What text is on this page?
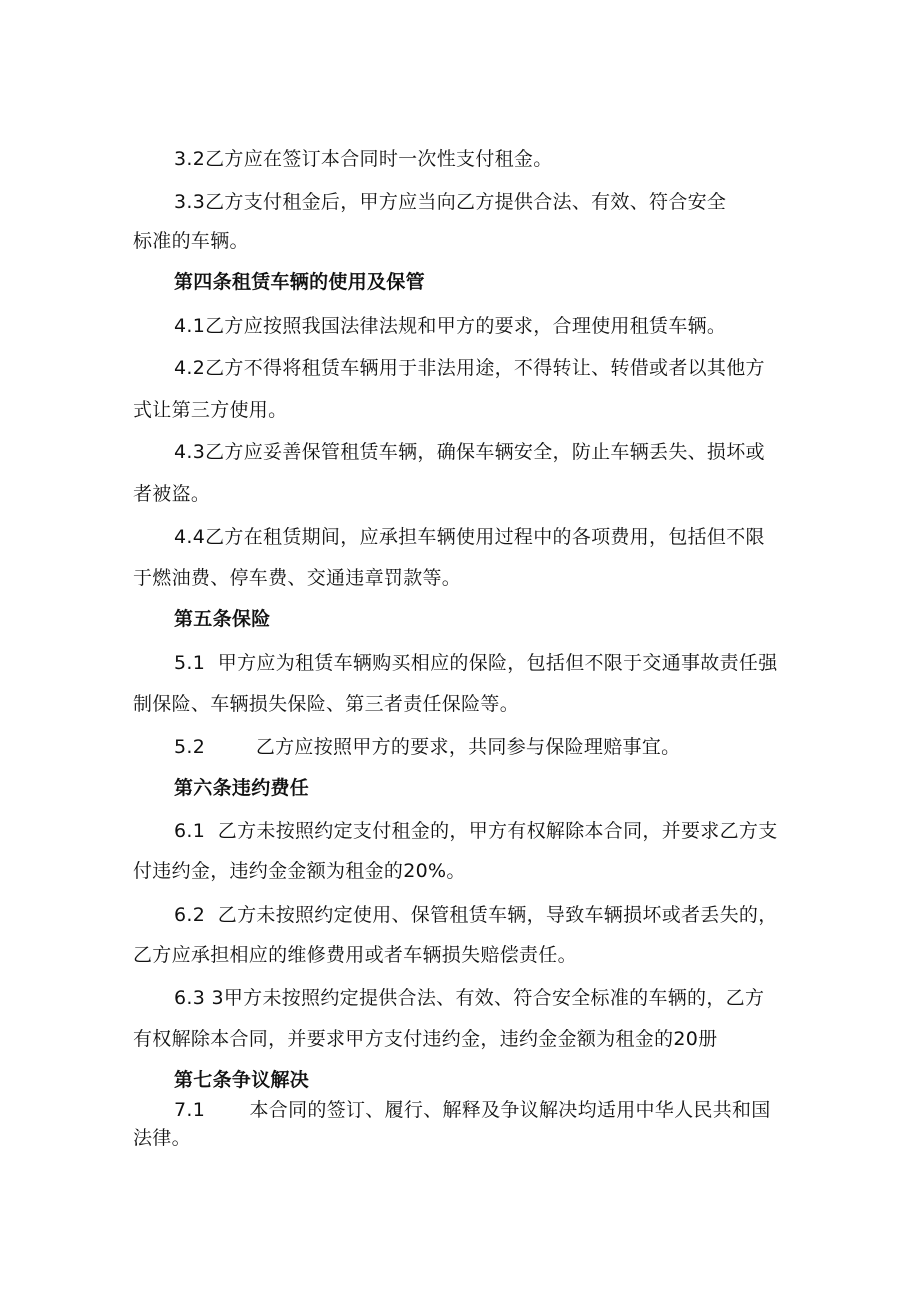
3.2乙方应在签订本合同时一次性支付租金。
3.3乙方支付租金后，甲方应当向乙方提供合法、有效、符合安全
标准的车辆。
第四条租赁车辆的使用及保管
4.1乙方应按照我国法律法规和甲方的要求，合理使用租赁车辆。
4.2乙方不得将租赁车辆用于非法用途，不得转让、转借或者以其他方
式让第三方使用。
4.3乙方应妥善保管租赁车辆，确保车辆安全，防止车辆丢失、损坏或
者被盗。
4.4乙方在租赁期间，应承担车辆使用过程中的各项费用，包括但不限
于燃油费、停车费、交通违章罚款等。
第五条保险
5.1  甲方应为租赁车辆购买相应的保险，包括但不限于交通事故责任强
制保险、车辆损失保险、第三者责任保险等。
5.2        乙方应按照甲方的要求，共同参与保险理赔事宜。
第六条违约费任
6.1  乙方未按照约定支付租金的，甲方有权解除本合同，并要求乙方支
付违约金，违约金金额为租金的20%。
6.2  乙方未按照约定使用、保管租赁车辆，导致车辆损坏或者丢失的，
乙方应承担相应的维修费用或者车辆损失赔偿责任。
6.3 3甲方未按照约定提供合法、有效、符合安全标准的车辆的，乙方
有权解除本合同，并要求甲方支付违约金，违约金金额为租金的20册
第七条争议解决
7.1       本合同的签订、履行、解释及争议解决均适用中华人民共和国
法律。
